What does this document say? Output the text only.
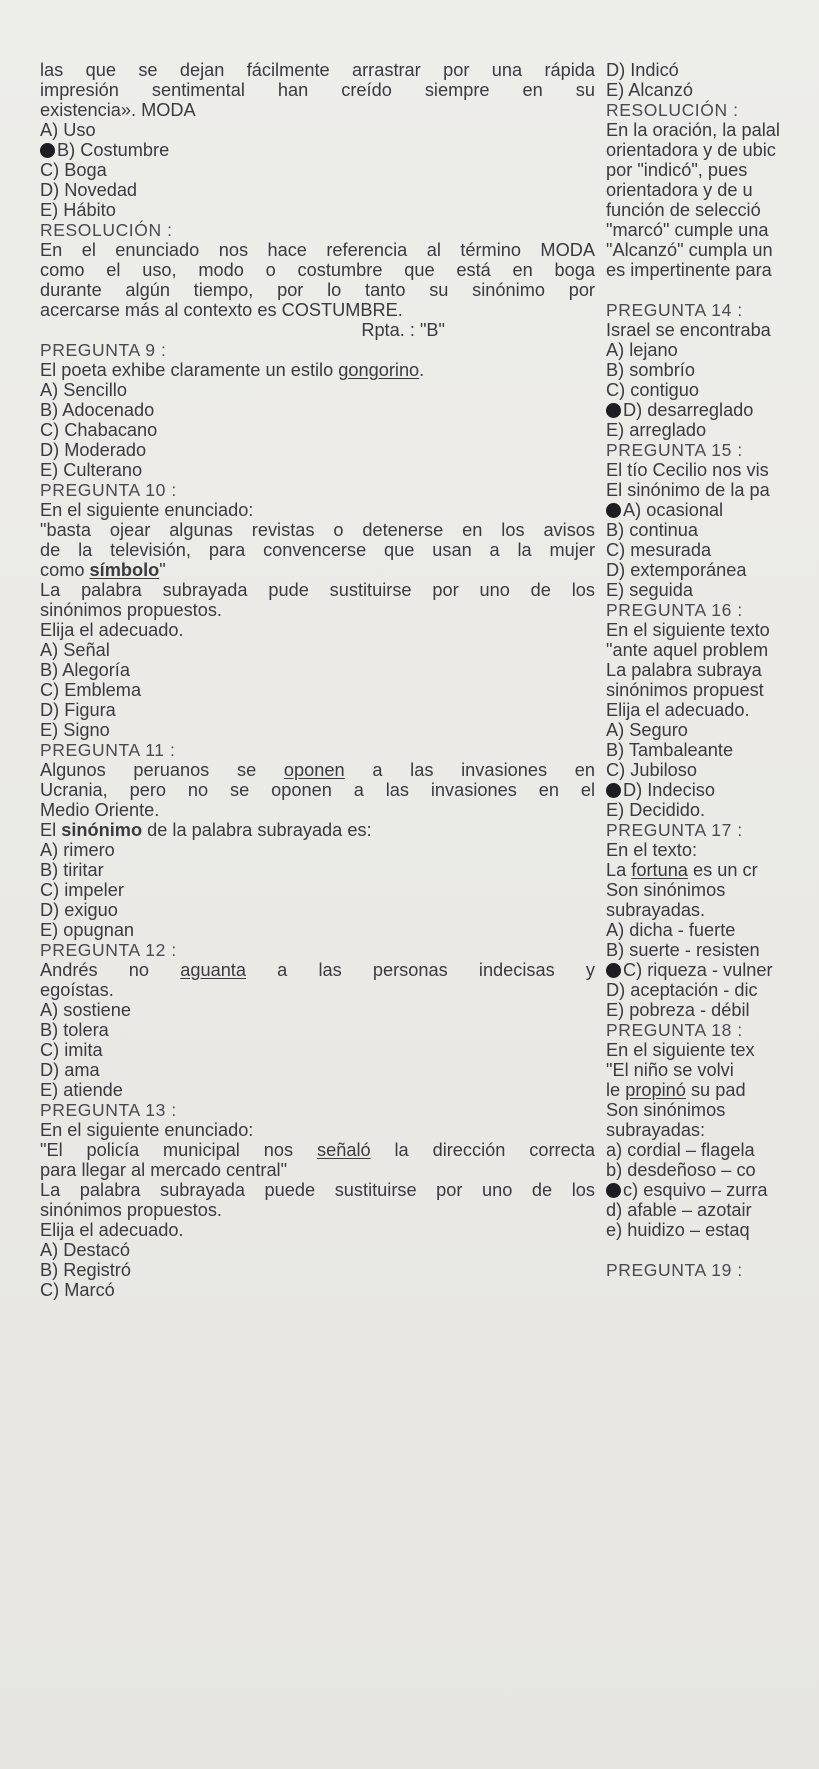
las que se dejan fácilmente arrastrar por una rápida
impresión sentimental han creído siempre en su
existencia». MODA
A) Uso
B) Costumbre
C) Boga
D) Novedad
E) Hábito
RESOLUCIÓN :
En el enunciado nos hace referencia al término MODA
como el uso, modo o costumbre que está en boga
durante algún tiempo, por lo tanto su sinónimo por
acercarse más al contexto es COSTUMBRE.
Rpta. : "B"
PREGUNTA 9 :
El poeta exhibe claramente un estilo gongorino.
A) Sencillo
B) Adocenado
C) Chabacano
D) Moderado
E) Culterano
PREGUNTA 10 :
En el siguiente enunciado:
"basta ojear algunas revistas o detenerse en los avisos
de la televisión, para convencerse que usan a la mujer
como símbolo"
La palabra subrayada pude sustituirse por uno de los
sinónimos propuestos.
Elija el adecuado.
A) Señal
B) Alegoría
C) Emblema
D) Figura
E) Signo
PREGUNTA 11 :
Algunos peruanos se oponen a las invasiones en
Ucrania, pero no se oponen a las invasiones en el
Medio Oriente.
El sinónimo de la palabra subrayada es:
A) rimero
B) tiritar
C) impeler
D) exiguo
E) opugnan
PREGUNTA 12 :
Andrés no aguanta a las personas indecisas y
egoístas.
A) sostiene
B) tolera
C) imita
D) ama
E) atiende
PREGUNTA 13 :
En el siguiente enunciado:
"El policía municipal nos señaló la dirección correcta
para llegar al mercado central"
La palabra subrayada puede sustituirse por uno de los
sinónimos propuestos.
Elija el adecuado.
A) Destacó
B) Registró
C) Marcó
D) Indicó
E) Alcanzó
RESOLUCIÓN :
En la oración, la palal
orientadora y de ubic
por "indicó", pues
orientadora y de u
función de selecció
"marcó" cumple una
"Alcanzó" cumpla un
es impertinente para
PREGUNTA 14 :
Israel se encontraba
A) lejano
B) sombrío
C) contiguo
D) desarreglado
E) arreglado
PREGUNTA 15 :
El tío Cecilio nos vis
El sinónimo de la pa
A) ocasional
B) continua
C) mesurada
D) extemporánea
E) seguida
PREGUNTA 16 :
En el siguiente texto
"ante aquel problem
La palabra subraya
sinónimos propuest
Elija el adecuado.
A) Seguro
B) Tambaleante
C) Jubiloso
D) Indeciso
E) Decidido.
PREGUNTA 17 :
En el texto:
La fortuna es un cr
Son sinónimos
subrayadas.
A) dicha - fuerte
B) suerte - resisten
C) riqueza - vulner
D) aceptación - dic
E) pobreza - débil
PREGUNTA 18 :
En el siguiente tex
"El niño se volvi
le propinó su pad
Son sinónimos
subrayadas:
a) cordial – flagela
b) desdeñoso – co
c) esquivo – zurra
d) afable – azotair
e) huidizo – estaq
PREGUNTA 19 :
